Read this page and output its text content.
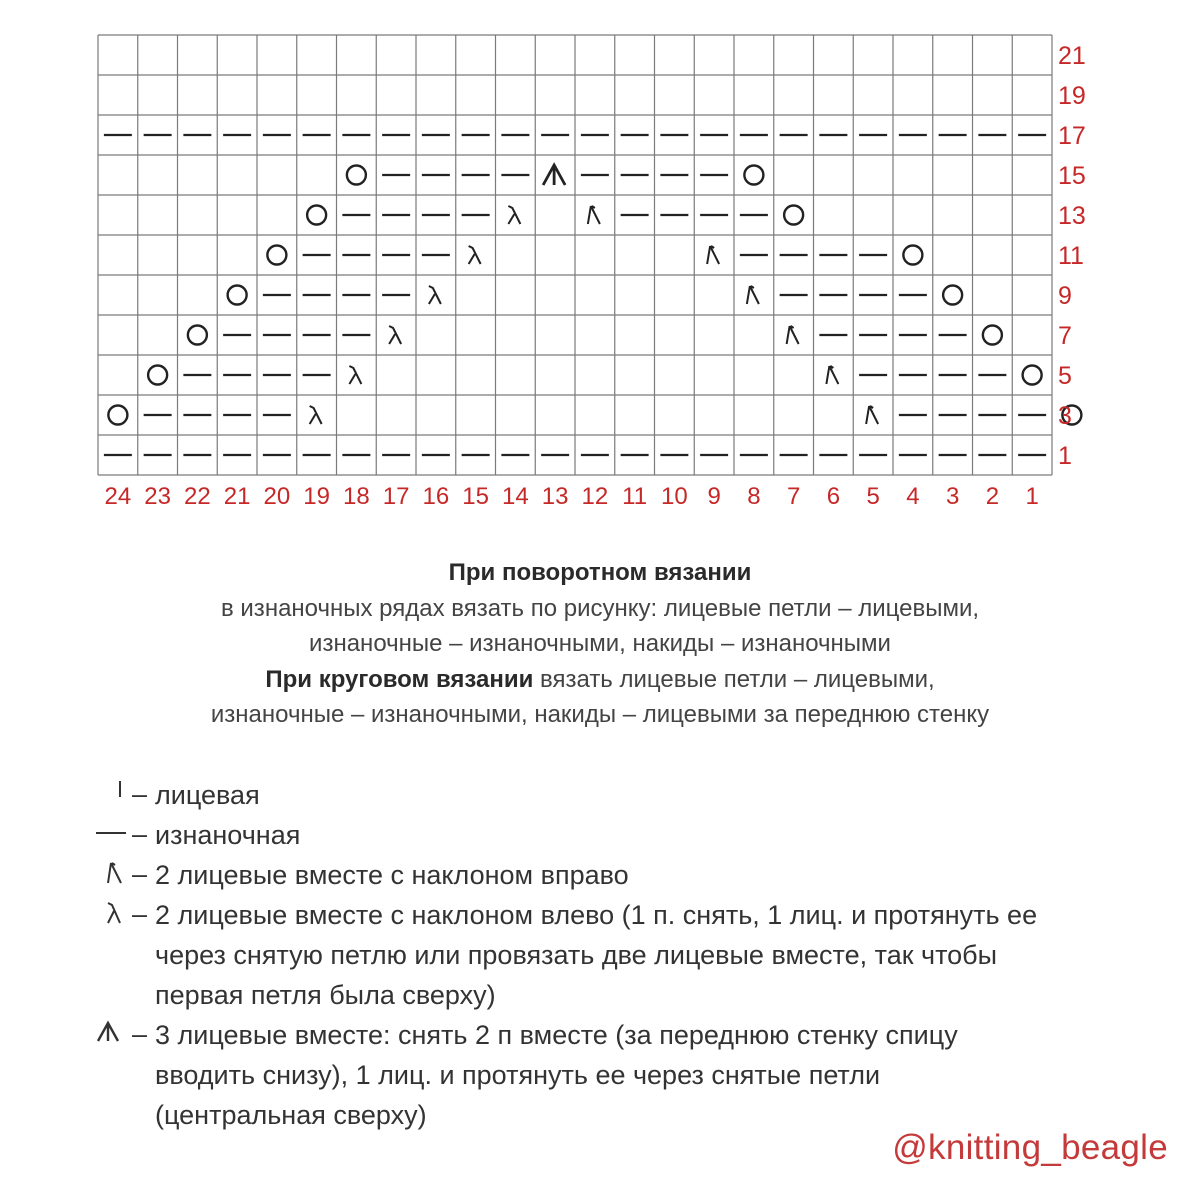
24 23 22 21 20 19 18 17 16 15 14 13 12 11 10 9 8 7 6 5 4 3 2 1
21
19
17
15
13
11
9
7
5
3
1
При поворотном вязании
в изнаночных рядах вязать по рисунку: лицевые петли – лицевыми,
изнаночные – изнаночными, накиды – изнаночными
При круговом вязании вязать лицевые петли – лицевыми,
изнаночные – изнаночными, накиды – лицевыми за переднюю стенку
– лицевая
– изнаночная
– 2 лицевые вместе с наклоном вправо
– 2 лицевые вместе с наклоном влево (1 п. снять, 1 лиц. и протянуть ее
через снятую петлю или провязать две лицевые вместе, так чтобы
первая петля была сверху)
– 3 лицевые вместе: снять 2 п вместе (за переднюю стенку спицу
вводить снизу), 1 лиц. и протянуть ее через снятые петли
(центральная сверху)
@knitting_beagle
